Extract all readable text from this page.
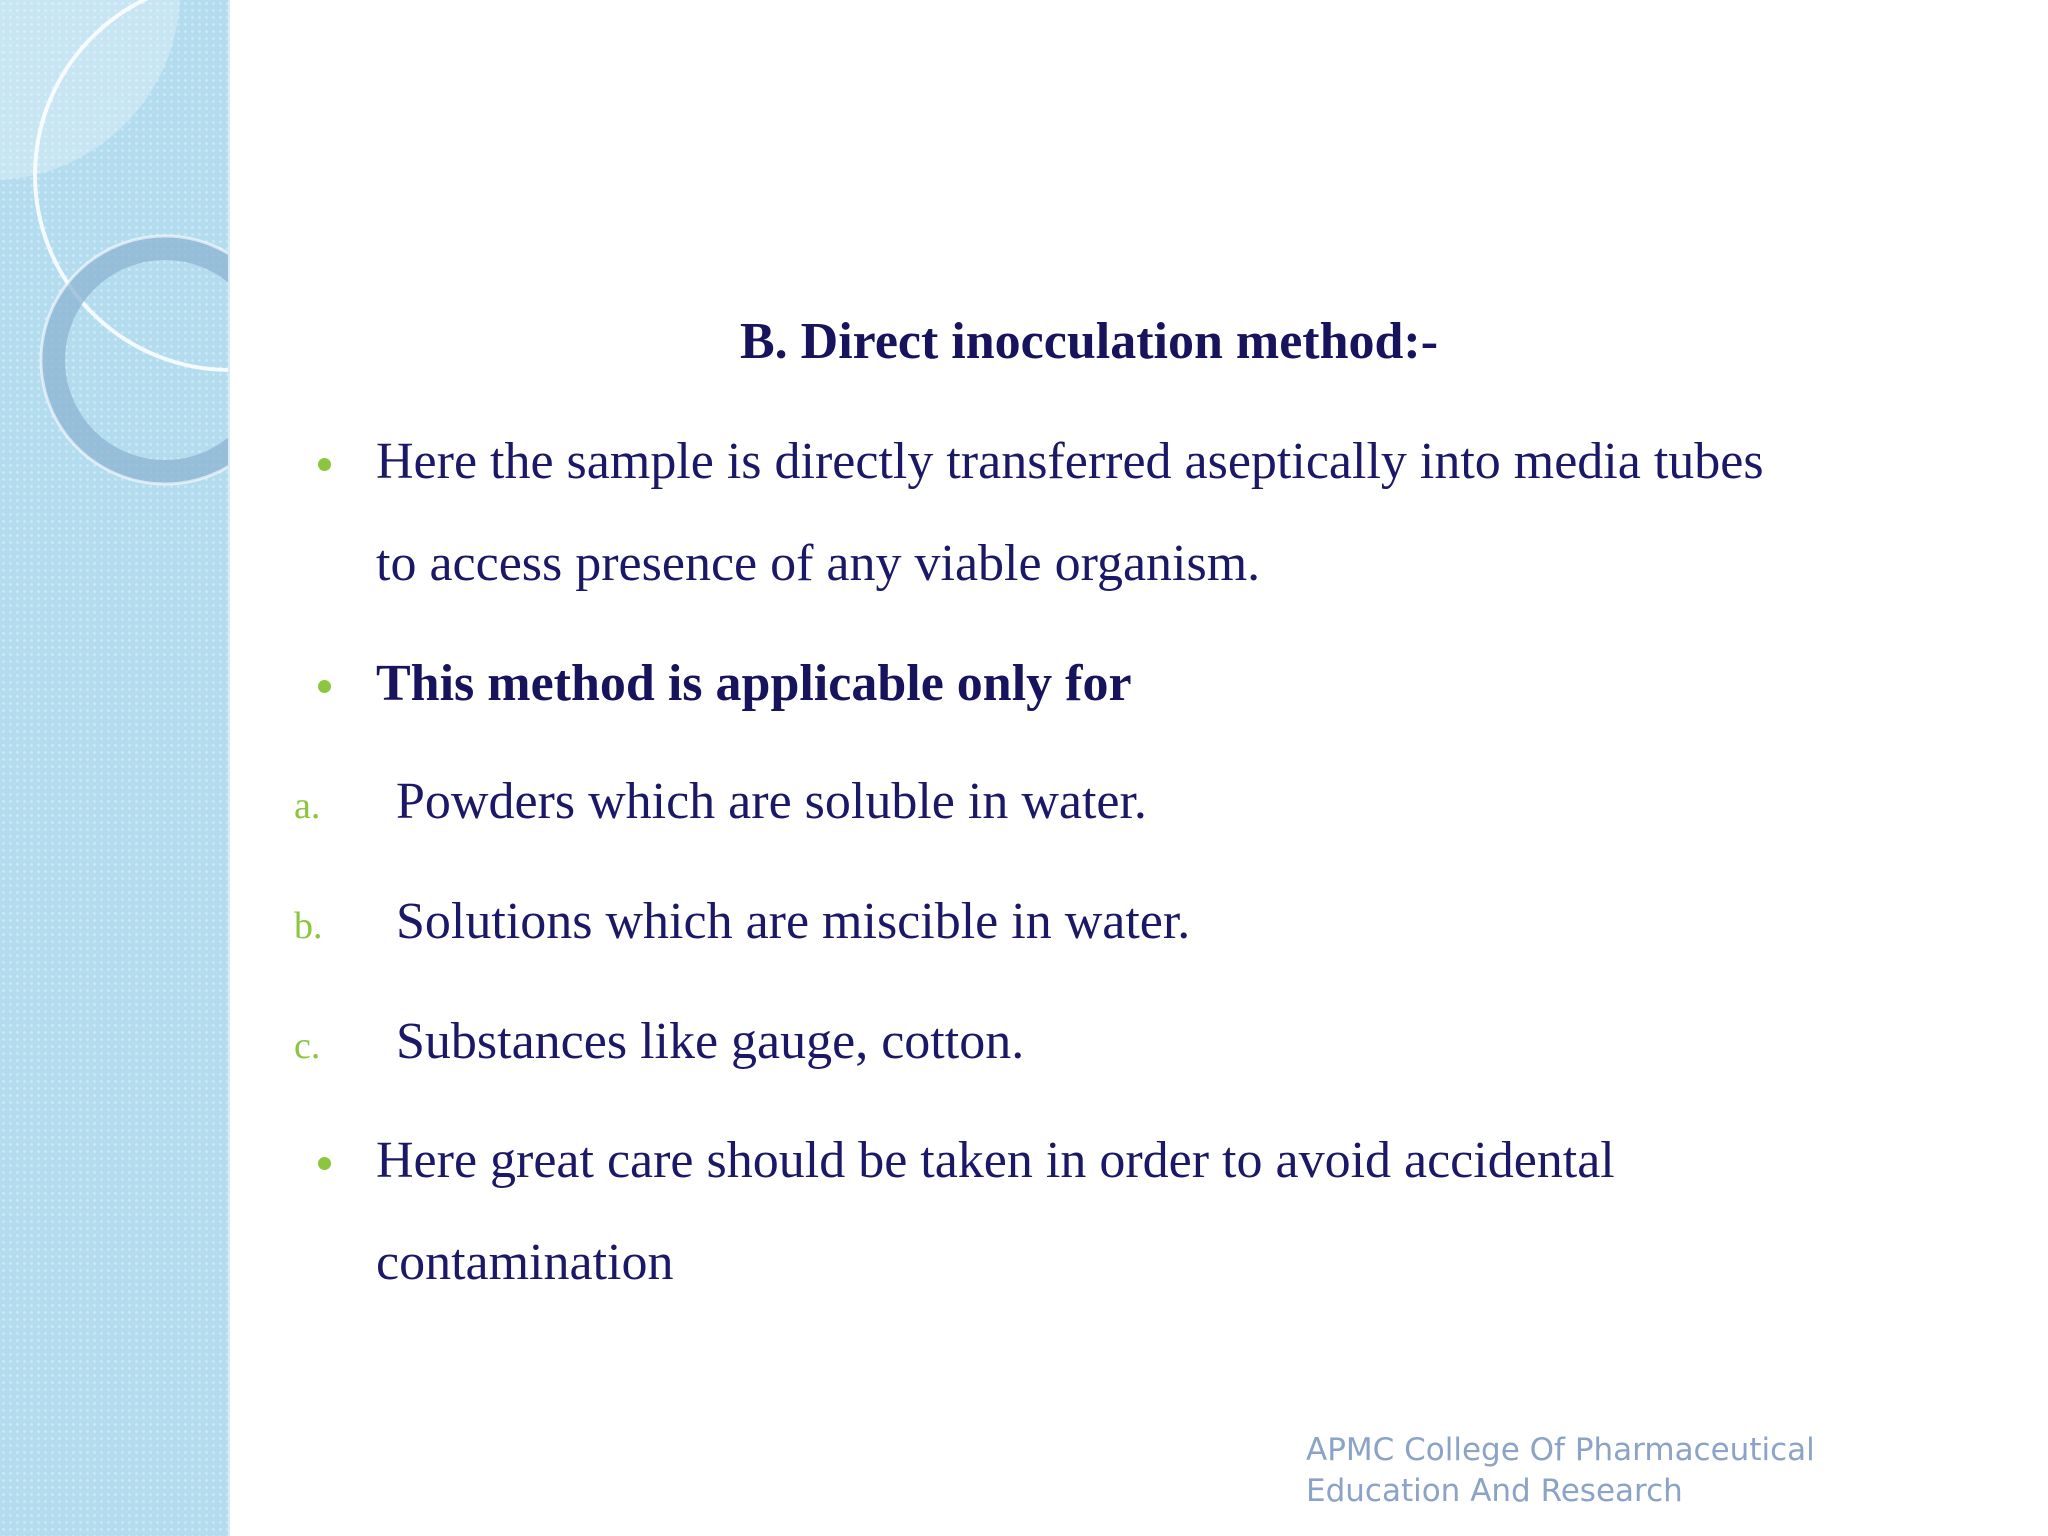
B. Direct inocculation method:-
Here the sample is directly transferred aseptically into media tubes
to access presence of any viable organism.
This method is applicable only for
a. Powders which are soluble in water.
b. Solutions which are miscible in water.
c. Substances like gauge, cotton.
Here great care should be taken in order to avoid accidental
contamination
APMC College Of Pharmaceutical
Education And Research
